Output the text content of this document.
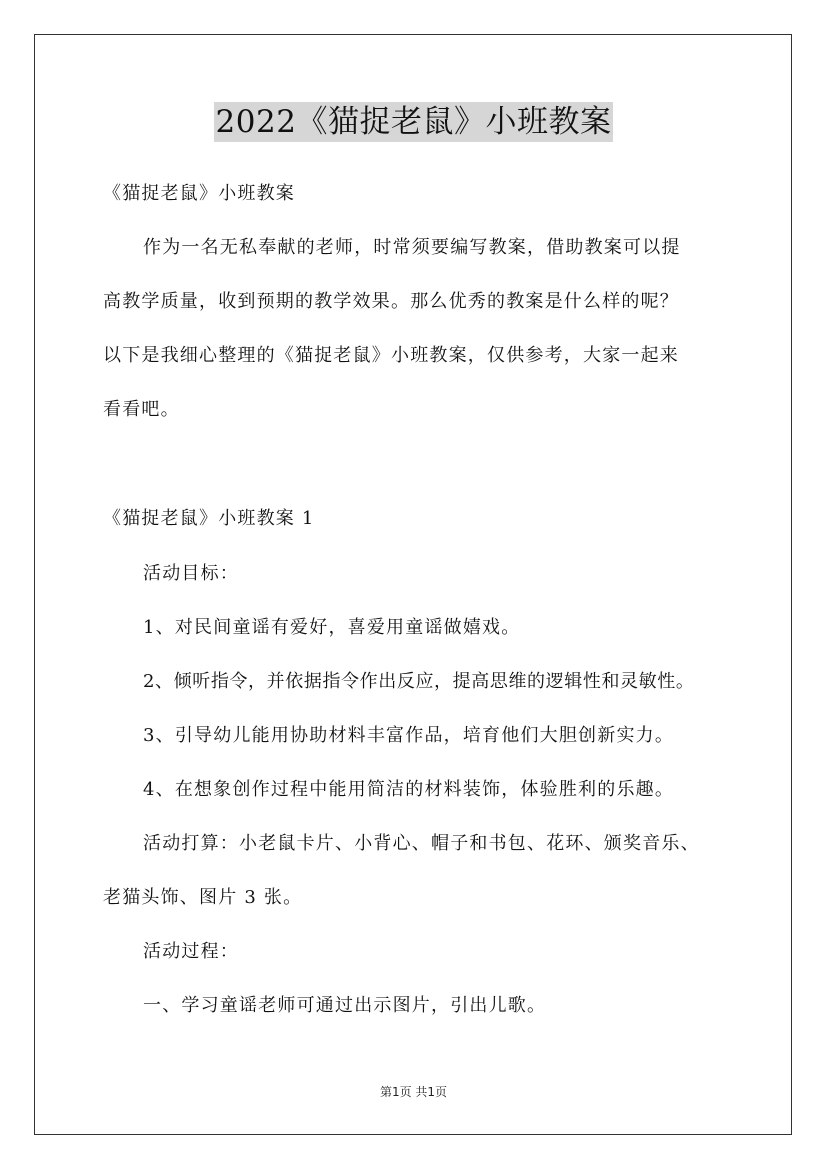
2022《猫捉老鼠》小班教案
《猫捉老鼠》小班教案
作为一名无私奉献的老师，时常须要编写教案，借助教案可以提
高教学质量，收到预期的教学效果。那么优秀的教案是什么样的呢？
以下是我细心整理的《猫捉老鼠》小班教案，仅供参考，大家一起来
看看吧。
《猫捉老鼠》小班教案 1
活动目标：
1、对民间童谣有爱好，喜爱用童谣做嬉戏。
2、倾听指令，并依据指令作出反应，提高思维的逻辑性和灵敏性。
3、引导幼儿能用协助材料丰富作品，培育他们大胆创新实力。
4、在想象创作过程中能用简洁的材料装饰，体验胜利的乐趣。
活动打算：小老鼠卡片、小背心、帽子和书包、花环、颁奖音乐、
老猫头饰、图片 3 张。
活动过程：
一、学习童谣老师可通过出示图片，引出儿歌。
第1页 共1页
